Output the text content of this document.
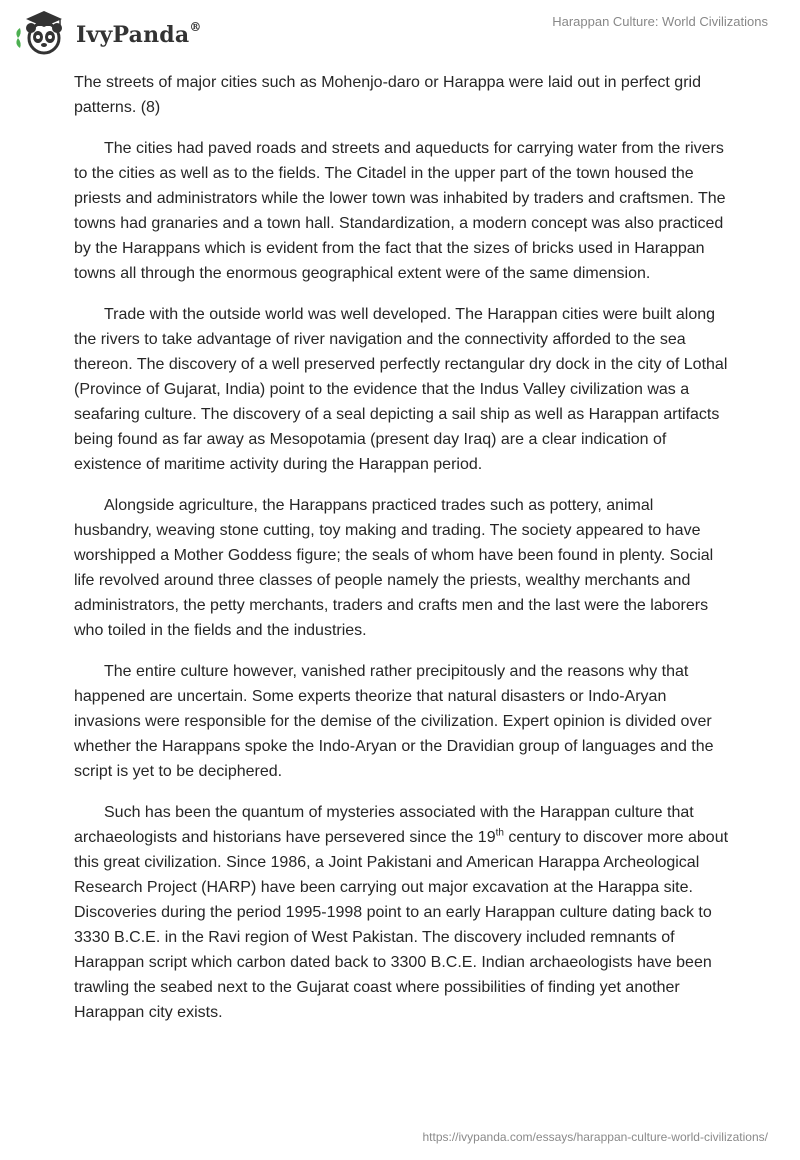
IvyPanda®	Harappan Culture: World Civilizations

The streets of major cities such as Mohenjo-daro or Harappa were laid out in perfect grid patterns. (8)

The cities had paved roads and streets and aqueducts for carrying water from the rivers to the cities as well as to the fields. The Citadel in the upper part of the town housed the priests and administrators while the lower town was inhabited by traders and craftsmen. The towns had granaries and a town hall. Standardization, a modern concept was also practiced by the Harappans which is evident from the fact that the sizes of bricks used in Harappan towns all through the enormous geographical extent were of the same dimension.

Trade with the outside world was well developed. The Harappan cities were built along the rivers to take advantage of river navigation and the connectivity afforded to the sea thereon. The discovery of a well preserved perfectly rectangular dry dock in the city of Lothal (Province of Gujarat, India) point to the evidence that the Indus Valley civilization was a seafaring culture. The discovery of a seal depicting a sail ship as well as Harappan artifacts being found as far away as Mesopotamia (present day Iraq) are a clear indication of existence of maritime activity during the Harappan period.

Alongside agriculture, the Harappans practiced trades such as pottery, animal husbandry, weaving stone cutting, toy making and trading. The society appeared to have worshipped a Mother Goddess figure; the seals of whom have been found in plenty. Social life revolved around three classes of people namely the priests, wealthy merchants and administrators, the petty merchants, traders and crafts men and the last were the laborers who toiled in the fields and the industries.

The entire culture however, vanished rather precipitously and the reasons why that happened are uncertain. Some experts theorize that natural disasters or Indo-Aryan invasions were responsible for the demise of the civilization. Expert opinion is divided over whether the Harappans spoke the Indo-Aryan or the Dravidian group of languages and the script is yet to be deciphered.

Such has been the quantum of mysteries associated with the Harappan culture that archaeologists and historians have persevered since the 19th century to discover more about this great civilization. Since 1986, a Joint Pakistani and American Harappa Archeological Research Project (HARP) have been carrying out major excavation at the Harappa site. Discoveries during the period 1995-1998 point to an early Harappan culture dating back to 3330 B.C.E. in the Ravi region of West Pakistan. The discovery included remnants of Harappan script which carbon dated back to 3300 B.C.E. Indian archaeologists have been trawling the seabed next to the Gujarat coast where possibilities of finding yet another Harappan city exists.

https://ivypanda.com/essays/harappan-culture-world-civilizations/
